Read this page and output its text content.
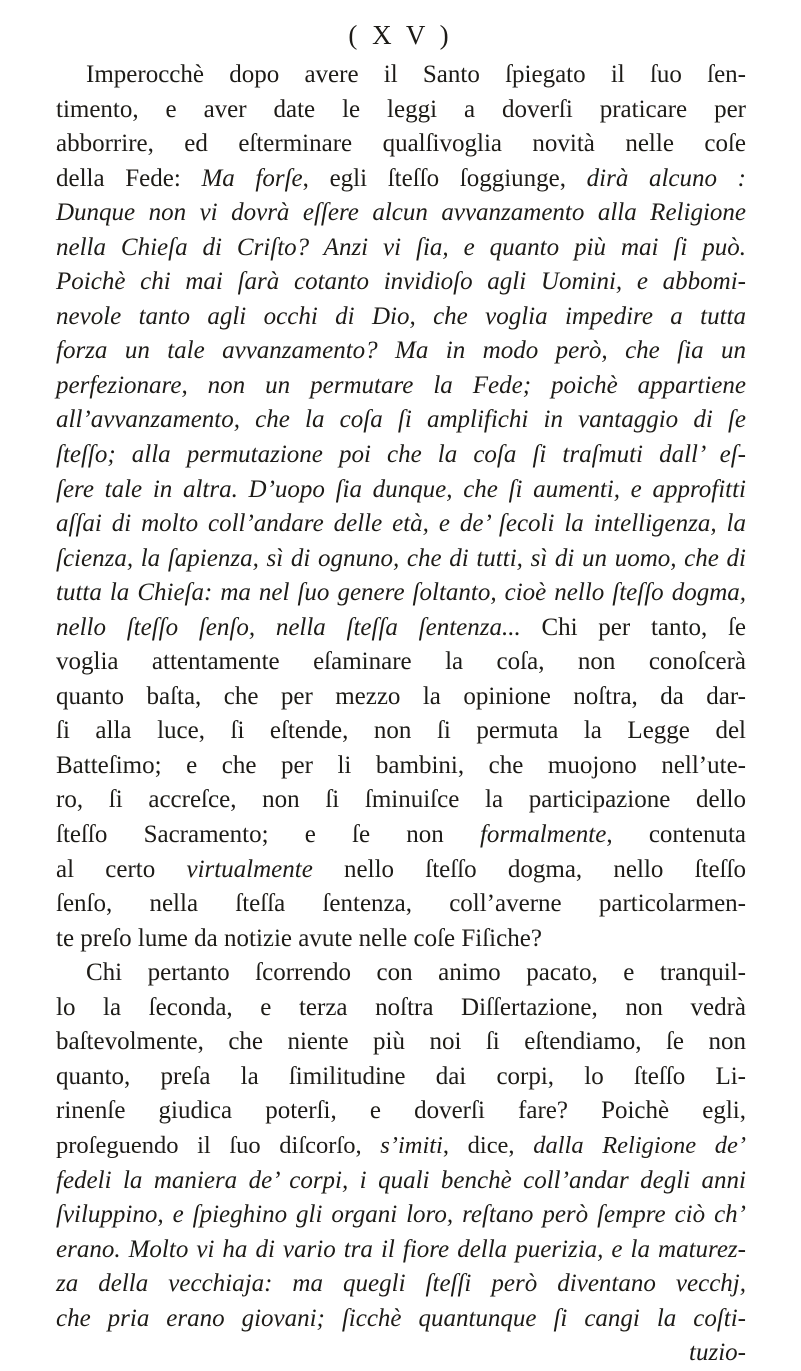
( X V )
Imperocchè dopo avere il Santo ſpiegato il ſuo ſen-
timento, e aver date le leggi a doverſi praticare per
abborrire, ed eſterminare qualſivoglia novità nelle coſe
della Fede: Ma forſe, egli ſteſſo ſoggiunge, dirà alcuno :
Dunque non vi dovrà eſſere alcun avvanzamento alla Religione
nella Chieſa di Criſto? Anzi vi ſia, e quanto più mai ſi può.
Poichè chi mai ſarà cotanto invidioſo agli Uomini, e abbomi-
nevole tanto agli occhi di Dio, che voglia impedire a tutta
forza un tale avvanzamento? Ma in modo però, che ſia un
perfezionare, non un permutare la Fede; poichè appartiene
all’avvanzamento, che la coſa ſi amplifichi in vantaggio di ſe
ſteſſo; alla permutazione poi che la coſa ſi traſmuti dall’ eſ-
ſere tale in altra. D’uopo ſia dunque, che ſi aumenti, e approfitti
aſſai di molto coll’andare delle età, e de’ ſecoli la intelligenza, la
ſcienza, la ſapienza, sì di ognuno, che di tutti, sì di un uomo, che di
tutta la Chieſa: ma nel ſuo genere ſoltanto, cioè nello ſteſſo dogma,
nello ſteſſo ſenſo, nella ſteſſa ſentenza... Chi per tanto, ſe
voglia attentamente eſaminare la coſa, non conoſcerà
quanto baſta, che per mezzo la opinione noſtra, da dar-
ſi alla luce, ſi eſtende, non ſi permuta la Legge del
Batteſimo; e che per li bambini, che muojono nell’ute-
ro, ſi accreſce, non ſi ſminuiſce la participazione dello
ſteſſo Sacramento; e ſe non formalmente, contenuta
al certo virtualmente nello ſteſſo dogma, nello ſteſſo
ſenſo, nella ſteſſa ſentenza, coll’averne particolarmen-
te preſo lume da notizie avute nelle coſe Fiſiche?
Chi pertanto ſcorrendo con animo pacato, e tranquil-
lo la ſeconda, e terza noſtra Diſſertazione, non vedrà
baſtevolmente, che niente più noi ſi eſtendiamo, ſe non
quanto, preſa la ſimilitudine dai corpi, lo ſteſſo Li-
rinenſe giudica poterſi, e doverſi fare? Poichè egli,
proſeguendo il ſuo diſcorſo, s’imiti, dice, dalla Religione de’
fedeli la maniera de’ corpi, i quali benchè coll’andar degli anni
ſviluppino, e ſpieghino gli organi loro, reſtano però ſempre ciò ch’
erano. Molto vi ha di vario tra il fiore della puerizia, e la maturez-
za della vecchiaja: ma quegli ſteſſi però diventano vecchj,
che pria erano giovani; ſicchè quantunque ſi cangi la coſti-
tuzio-
